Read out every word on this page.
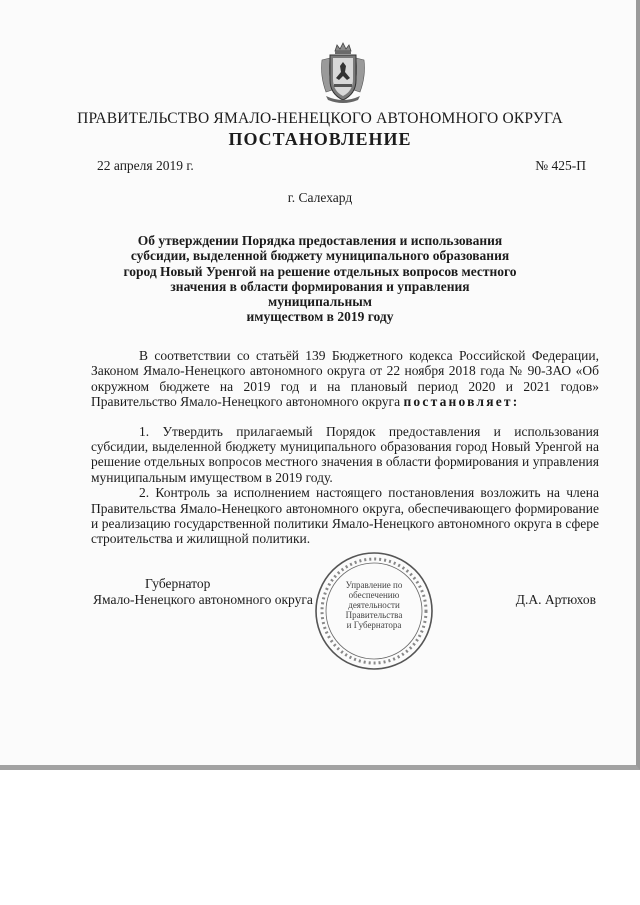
ПРАВИТЕЛЬСТВО ЯМАЛО-НЕНЕЦКОГО АВТОНОМНОГО ОКРУГА
ПОСТАНОВЛЕНИЕ
22 апреля 2019 г.	№ 425-П
г. Салехард
Об утверждении Порядка предоставления и использования
субсидии, выделенной бюджету муниципального образования
город Новый Уренгой на решение отдельных вопросов местного
значения в области формирования и управления муниципальным
имуществом в 2019 году

В соответствии со статьёй 139 Бюджетного кодекса Российской Федерации, Законом Ямало-Ненецкого автономного округа от 22 ноября 2018 года № 90-ЗАО «Об окружном бюджете на 2019 год и на плановый период 2020 и 2021 годов» Правительство Ямало-Ненецкого автономного округа постановляет:

1. Утвердить прилагаемый Порядок предоставления и использования субсидии, выделенной бюджету муниципального образования город Новый Уренгой на решение отдельных вопросов местного значения в области формирования и управления муниципальным имуществом в 2019 году.

2. Контроль за исполнением настоящего постановления возложить на члена Правительства Ямало-Ненецкого автономного округа, обеспечивающего формирование и реализацию государственной политики Ямало-Ненецкого автономного округа в сфере строительства и жилищной политики.

Губернатор
Ямало-Ненецкого автономного округа	Д.А. Артюхов
Управление по
обеспечению
деятельности
Правительства
и Губернатора
